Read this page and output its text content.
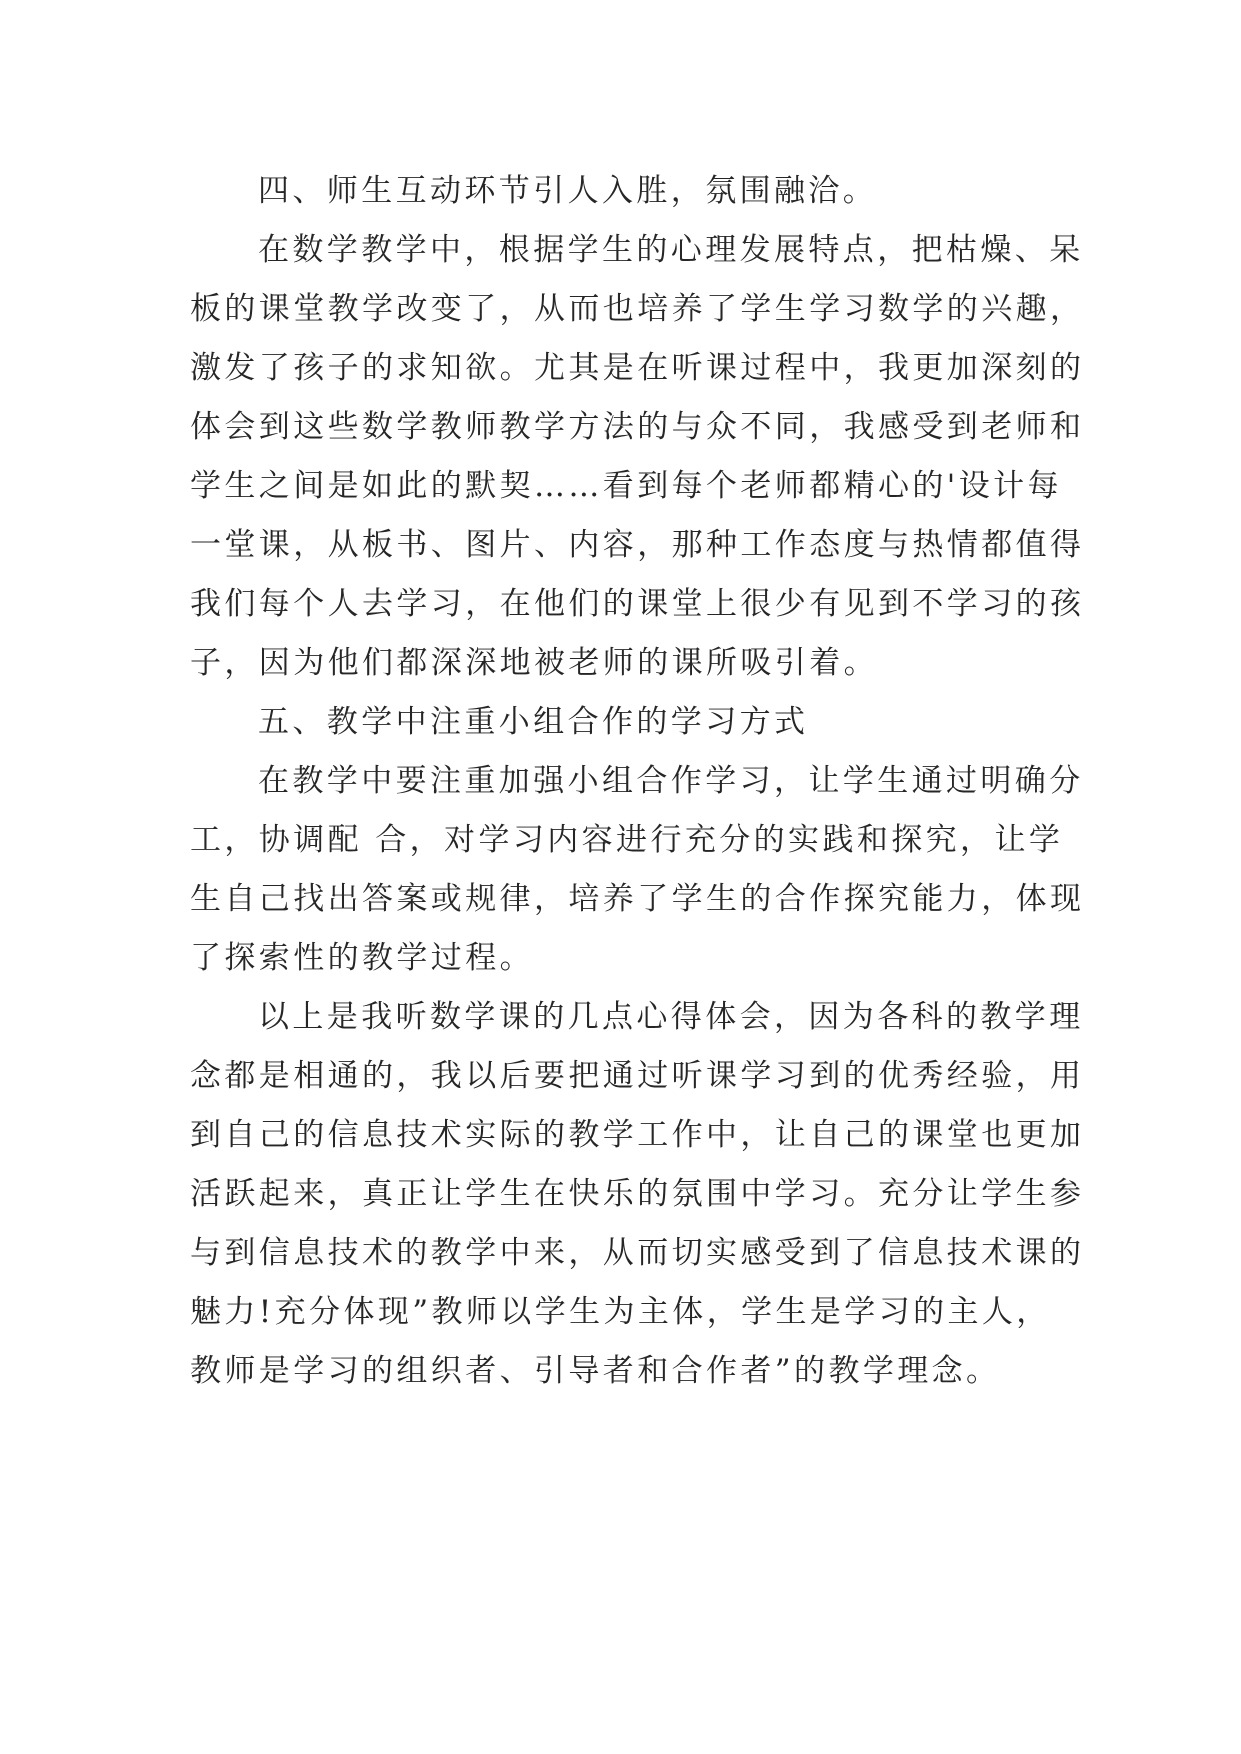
四、师生互动环节引人入胜，氛围融洽。
在数学教学中，根据学生的心理发展特点，把枯燥、呆
板的课堂教学改变了，从而也培养了学生学习数学的兴趣，
激发了孩子的求知欲。尤其是在听课过程中，我更加深刻的
体会到这些数学教师教学方法的与众不同，我感受到老师和
学生之间是如此的默契……看到每个老师都精心的'设计每
一堂课，从板书、图片、内容，那种工作态度与热情都值得
我们每个人去学习，在他们的课堂上很少有见到不学习的孩
子，因为他们都深深地被老师的课所吸引着。
五、教学中注重小组合作的学习方式
在教学中要注重加强小组合作学习，让学生通过明确分
工，协调配 合，对学习内容进行充分的实践和探究，让学
生自己找出答案或规律，培养了学生的合作探究能力，体现
了探索性的教学过程。
以上是我听数学课的几点心得体会，因为各科的教学理
念都是相通的，我以后要把通过听课学习到的优秀经验，用
到自己的信息技术实际的教学工作中，让自己的课堂也更加
活跃起来，真正让学生在快乐的氛围中学习。充分让学生参
与到信息技术的教学中来，从而切实感受到了信息技术课的
魅力!充分体现”教师以学生为主体，学生是学习的主人，
教师是学习的组织者、引导者和合作者”的教学理念。
